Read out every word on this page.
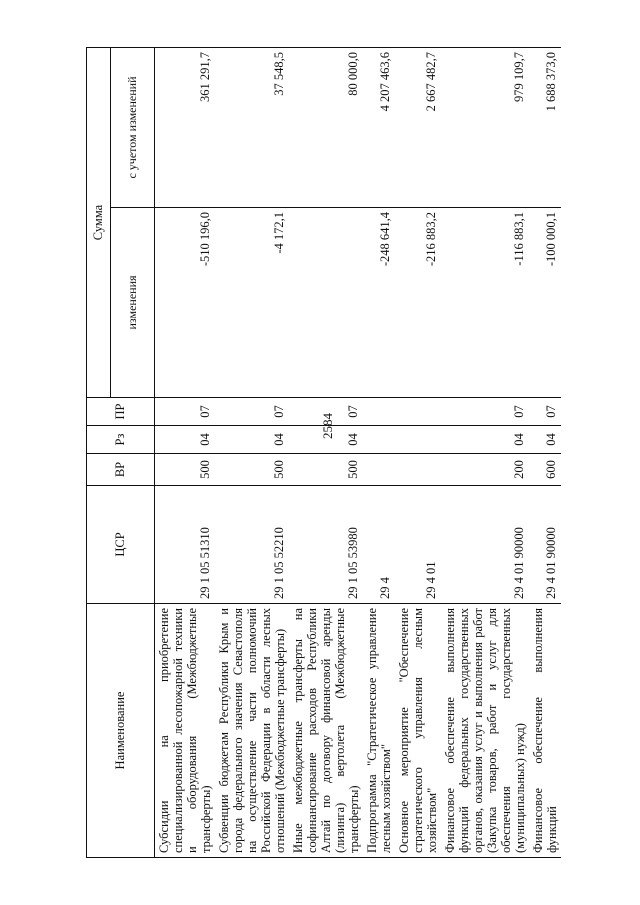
2584
Наименование	ЦСР	ВР	Рз	ПР	Сумма	
					изменения	с учетом изменений
Субсидии на приобретение специализированной лесопожарной техники и оборудования (Межбюджетные трансферты)	29 1 05 51310	500	04	07	-510 196,0	361 291,7
Субвенции бюджетам Республики Крым и города федерального значения Севастополя на осуществление части полномочий Российской Федерации в области лесных отношений (Межбюджетные трансферты)	29 1 05 52210	500	04	07	-4 172,1	37 548,5
Иные межбюджетные трансферты на софинансирование расходов Республики Алтай по договору финансовой аренды (лизинга) вертолета (Межбюджетные трансферты)	29 1 05 53980	500	04	07		80 000,0
Подпрограмма "Стратегическое управление лесным хозяйством"	29 4				-248 641,4	4 207 463,6
Основное мероприятие "Обеспечение стратегического управления лесным хозяйством"	29 4 01				-216 883,2	2 667 482,7
Финансовое обеспечение выполнения функций федеральных государственных органов, оказания услуг и выполнения работ (Закупка товаров, работ и услуг для обеспечения государственных (муниципальных) нужд)	29 4 01 90000	200	04	07	-116 883,1	979 109,7
Финансовое обеспечение выполнения функций	29 4 01 90000	600	04	07	-100 000,1	1 688 373,0
